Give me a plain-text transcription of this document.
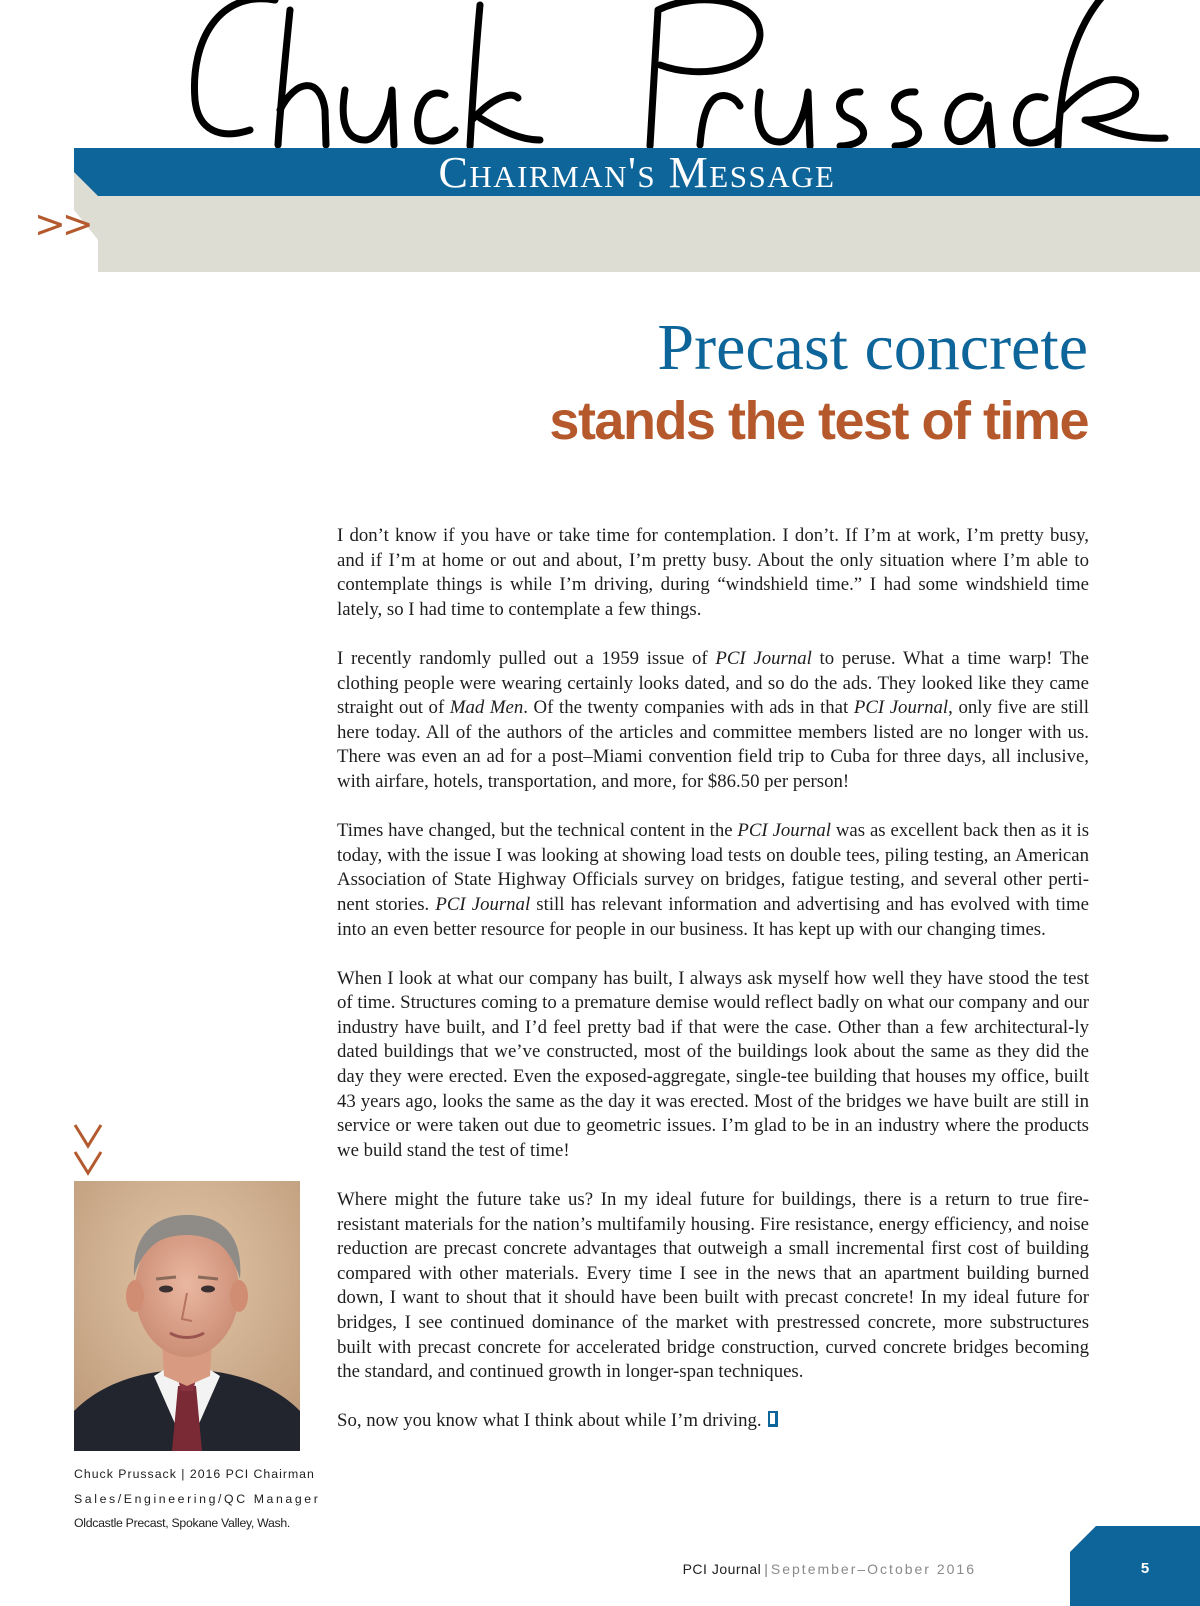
Chairman's Message
>>
Precast concrete
stands the test of time

I don’t know if you have or take time for contemplation. I don’t. If I’m at work, I’m pretty busy, and if I’m at home or out and about, I’m pretty busy. About the only situation where I’m able to contemplate things is while I’m driving, during “windshield time.” I had some windshield time lately, so I had time to contemplate a few things.

I recently randomly pulled out a 1959 issue of PCI Journal to peruse. What a time warp! The clothing people were wearing certainly looks dated, and so do the ads. They looked like they came straight out of Mad Men. Of the twenty companies with ads in that PCI Journal, only five are still here today. All of the authors of the articles and committee members listed are no longer with us. There was even an ad for a post–Miami convention field trip to Cuba for three days, all inclusive, with airfare, hotels, transportation, and more, for $86.50 per person!

Times have changed, but the technical content in the PCI Journal was as excellent back then as it is today, with the issue I was looking at showing load tests on double tees, piling testing, an American Association of State Highway Officials survey on bridges, fatigue testing, and several other perti-nent stories. PCI Journal still has relevant information and advertising and has evolved with time into an even better resource for people in our business. It has kept up with our changing times.

When I look at what our company has built, I always ask myself how well they have stood the test of time. Structures coming to a premature demise would reflect badly on what our company and our industry have built, and I’d feel pretty bad if that were the case. Other than a few architectural-ly dated buildings that we’ve constructed, most of the buildings look about the same as they did the day they were erected. Even the exposed-aggregate, single-tee building that houses my office, built 43 years ago, looks the same as the day it was erected. Most of the bridges we have built are still in service or were taken out due to geometric issues. I’m glad to be in an industry where the products we build stand the test of time!

Where might the future take us? In my ideal future for buildings, there is a return to true fire-resistant materials for the nation’s multifamily housing. Fire resistance, energy efficiency, and noise reduction are precast concrete advantages that outweigh a small incremental first cost of building compared with other materials. Every time I see in the news that an apartment building burned down, I want to shout that it should have been built with precast concrete! In my ideal future for bridges, I see continued dominance of the market with prestressed concrete, more substructures built with precast concrete for accelerated bridge construction, curved concrete bridges becoming the standard, and continued growth in longer-span techniques.

So, now you know what I think about while I’m driving.

Chuck Prussack | 2016 PCI Chairman
Sales/Engineering/QC Manager
Oldcastle Precast, Spokane Valley, Wash.
PCI Journal | September–October 2016	5
